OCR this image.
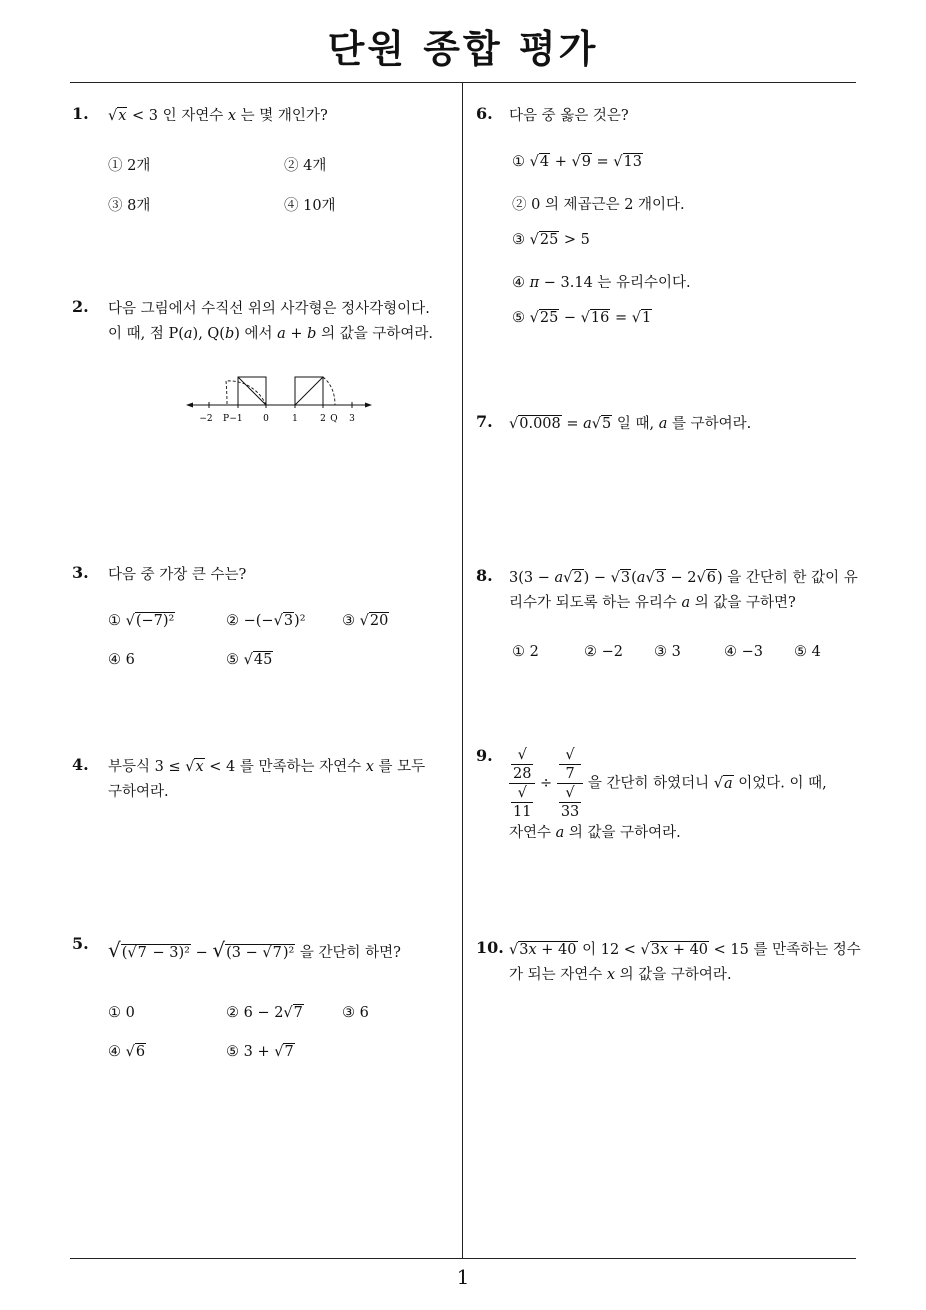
단원 종합 평가
1
1. √x < 3 인 자연수 x 는 몇 개인가?
① 2개	② 4개
③ 8개	④ 10개
2. 다음 그림에서 수직선 위의 사각형은 정사각형이다.
이 때, 점 P(a), Q(b) 에서 a + b 의 값을 구하여라.
−2 P −1 0	1 2 Q 3
3. 다음 중 가장 큰 수는?
① √(−7)²	② −(−√3)²	③ √20
④ 6	⑤ √45
4. 부등식 3 ≤ √x < 4 를 만족하는 자연수 x 를 모두
구하여라.
5. √(√7 − 3)² − √(3 − √7)² 을 간단히 하면?
① 0	② 6 − 2√7	③ 6
④ √6	⑤ 3 + √7
6. 다음 중 옳은 것은?
① √4 + √9 = √13
② 0 의 제곱근은 2 개이다.
③ √25 > 5
④ π − 3.14 는 유리수이다.
⑤ √25 − √16 = √1
7. √0.008 = a√5 일 때, a 를 구하여라.
8. 3(3 − a√2) − √3(a√3 − 2√6) 을 간단히 한 값이 유
리수가 되도록 하는 유리수 a 의 값을 구하면?
① 2	② −2 ③ 3	④ −3 ⑤ 4
9. √
28
√
11 ÷ √
7
√
33 을 간단히 하였더니 √a 이었다. 이 때,
자연수 a 의 값을 구하여라.
10. √3x + 40 이 12 < √3x + 40 < 15 를 만족하는 정수
가 되는 자연수 x 의 값을 구하여라.
